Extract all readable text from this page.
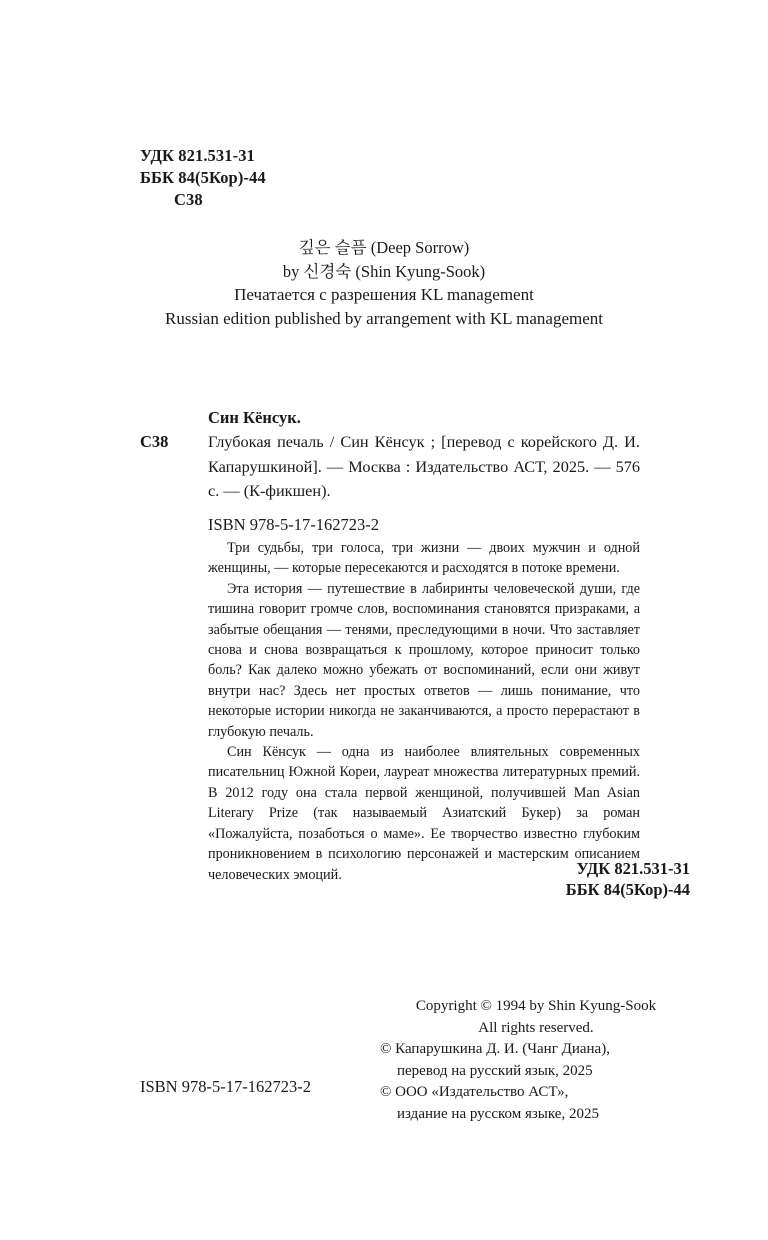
УДК 821.531-31
ББК 84(5Кор)-44
С38
깊은 슬픔 (Deep Sorrow)
by 신경숙 (Shin Kyung-Sook)
Печатается с разрешения KL management
Russian edition published by arrangement with KL management
Син Кёнсук.
С38 Глубокая печаль / Син Кёнсук ; [перевод с корейского Д. И. Капарушкиной]. — Москва : Издательство АСТ, 2025. — 576 с. — (К-фикшен).
ISBN 978-5-17-162723-2

Три судьбы, три голоса, три жизни — двоих мужчин и одной женщины, — которые пересекаются и расходятся в потоке времени.

Эта история — путешествие в лабиринты человеческой души, где тишина говорит громче слов, воспоминания становятся призраками, а забытые обещания — тенями, преследующими в ночи. Что заставляет снова и снова возвращаться к прошлому, которое приносит только боль? Как далеко можно убежать от воспоминаний, если они живут внутри нас? Здесь нет простых ответов — лишь понимание, что некоторые истории никогда не заканчиваются, а просто перерастают в глубокую печаль.

Син Кёнсук — одна из наиболее влиятельных современных писательниц Южной Кореи, лауреат множества литературных премий. В 2012 году она стала первой женщиной, получившей Man Asian Literary Prize (так называемый Азиатский Букер) за роман «Пожалуйста, позаботься о маме». Ее творчество известно глубоким проникновением в психологию персонажей и мастерским описанием человеческих эмоций.	УДК 821.531-31
ББК 84(5Кор)-44
Copyright © 1994 by Shin Kyung-Sook
All rights reserved.
© Капарушкина Д. И. (Чанг Диана),
перевод на русский язык, 2025
© ООО «Издательство АСТ»,
издание на русском языке, 2025
ISBN 978-5-17-162723-2
